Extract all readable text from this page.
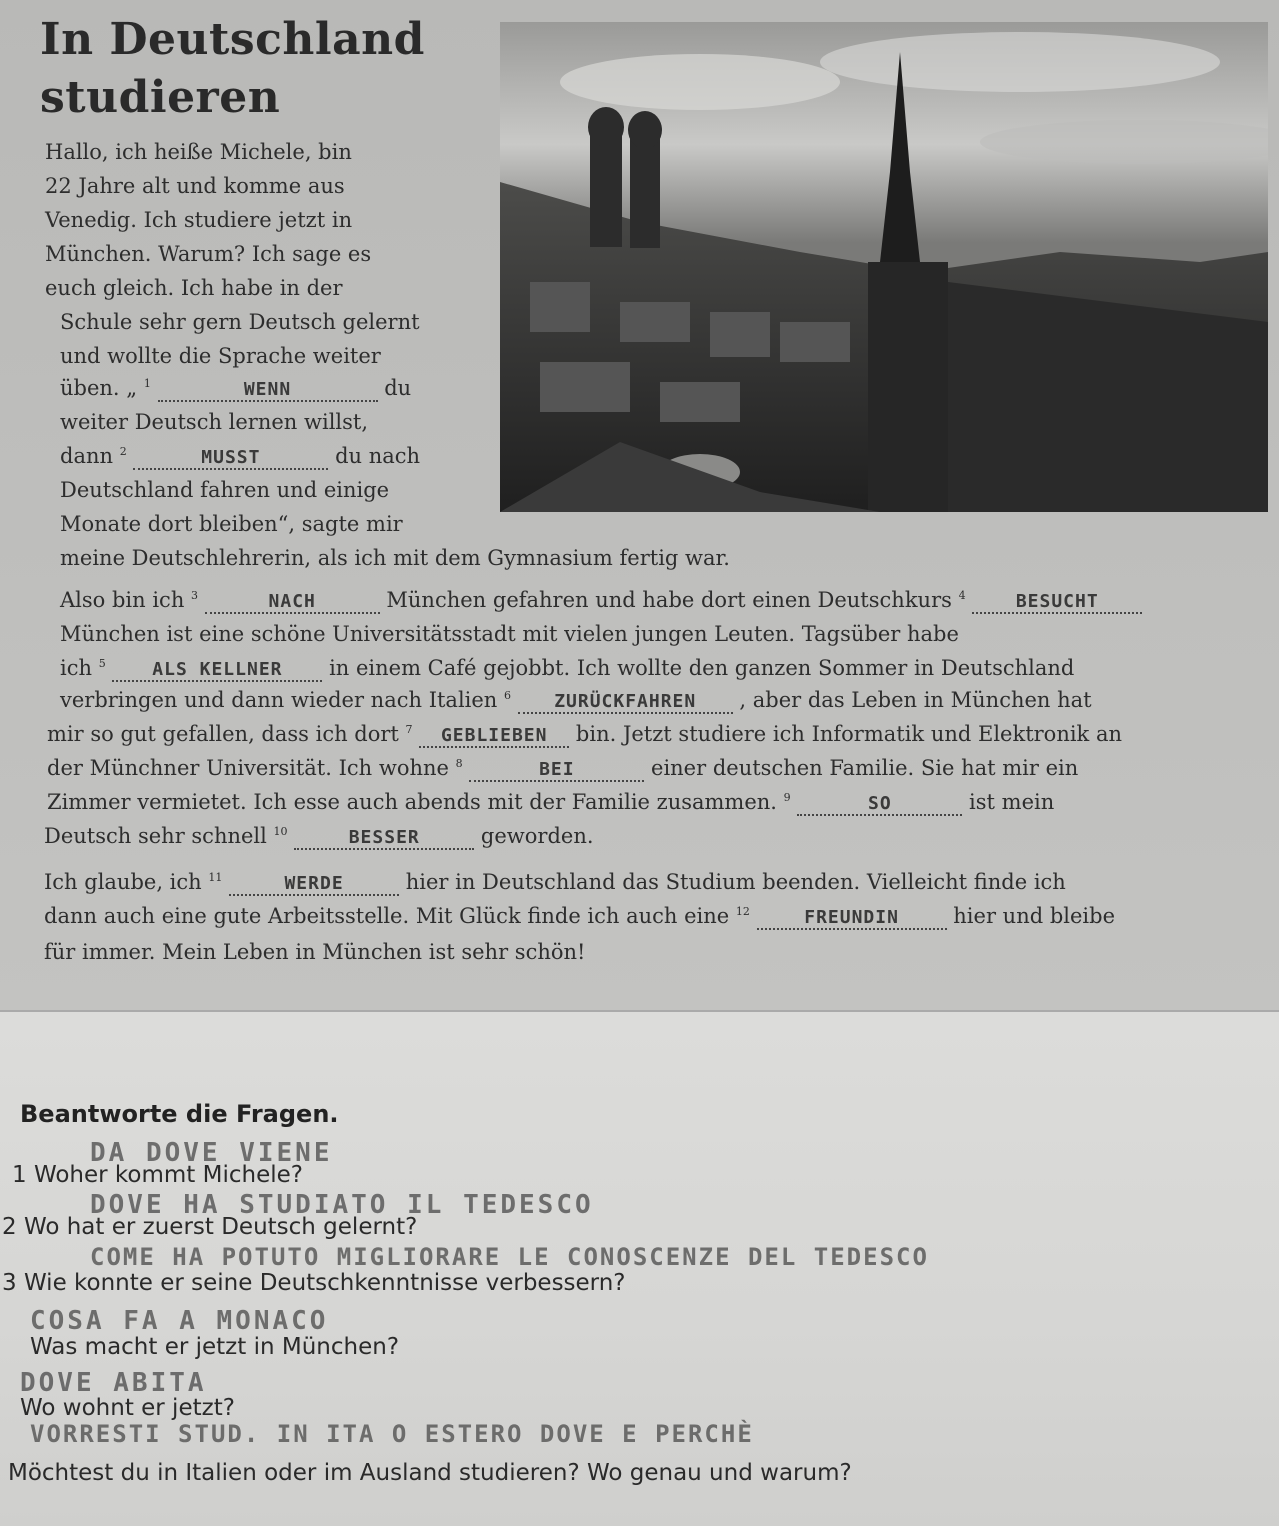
In Deutschland
studieren
Hallo, ich heiße Michele, bin
22 Jahre alt und komme aus
Venedig. Ich studiere jetzt in
München. Warum? Ich sage es
euch gleich. Ich habe in der
Schule sehr gern Deutsch gelernt
und wollte die Sprache weiter
üben. „ $^1$	WENN	du
weiter Deutsch lernen willst,
dann $^2$	MUSST	du nach
Deutschland fahren und einige
Monate dort bleiben“, sagte mir
meine Deutschlehrerin, als ich mit dem Gymnasium fertig war.
Also bin ich $^3$	NACH	München gefahren und habe dort einen Deutschkurs $^4$	BESUCHT
München ist eine schöne Universitätsstadt mit vielen jungen Leuten. Tagsüber habe
ich $^5$	ALS KELLNER in einem Café gejobbt. Ich wollte den ganzen Sommer in Deutschland
verbringen und dann wieder nach Italien $^6$ ZURÜCKFAHREN , aber das Leben in München hat
mir so gut gefallen, dass ich dort $^7$ GEBLIEBEN bin. Jetzt studiere ich Informatik und Elektronik an
der Münchner Universität. Ich wohne $^8$	BEI	einer deutschen Familie. Sie hat mir ein
Zimmer vermietet. Ich esse auch abends mit der Familie zusammen. $^9$	SO	ist mein
Deutsch sehr schnell $^{10}$	BESSER	geworden.
Ich glaube, ich $^{11}$	WERDE	hier in Deutschland das Studium beenden. Vielleicht finde ich
dann auch eine gute Arbeitsstelle. Mit Glück finde ich auch eine $^{12}$	FREUNDIN	hier und bleibe
für immer. Mein Leben in München ist sehr schön!
Beantworte die Fragen.
DA DOVE VIENE
1 Woher kommt Michele?
DOVE HA STUDIATO IL TEDESCO
2 Wo hat er zuerst Deutsch gelernt?
COME HA POTUTO MIGLIORARE LE CONOSCENZE DEL TEDESCO
3 Wie konnte er seine Deutschkenntnisse verbessern?
COSA FA A MONACO
Was macht er jetzt in München?
DOVE ABITA
Wo wohnt er jetzt?
VORRESTI STUD. IN ITA O ESTERO DOVE E PERCHÈ
Möchtest du in Italien oder im Ausland studieren? Wo genau und warum?
